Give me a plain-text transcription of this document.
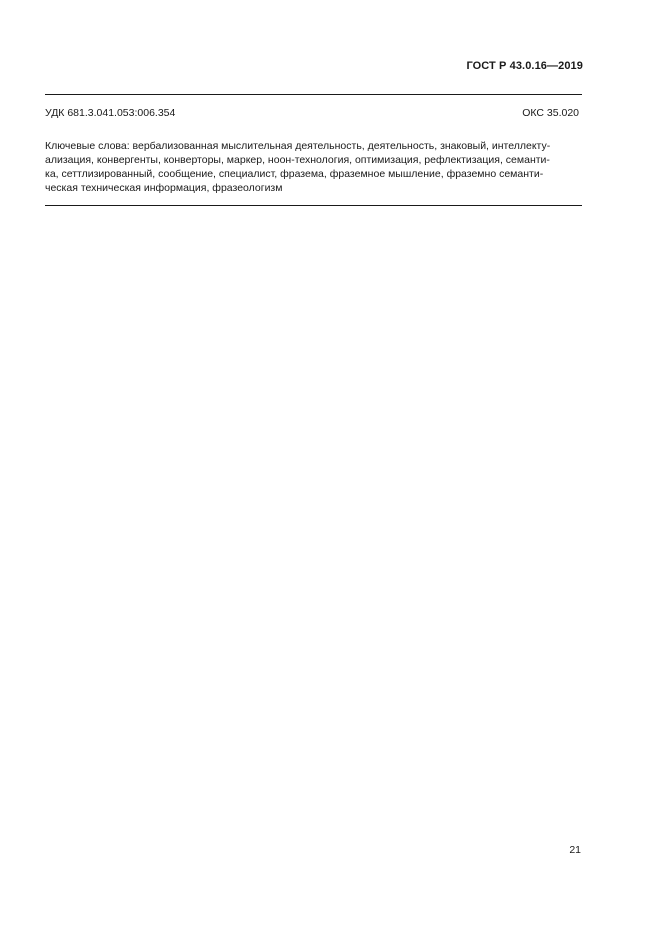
ГОСТ Р 43.0.16—2019
УДК 681.3.041.053:006.354	ОКС 35.020
Ключевые слова: вербализованная мыслительная деятельность, деятельность, знаковый, интеллекту-
ализация, конвергенты, конверторы, маркер, ноон-технология, оптимизация, рефлектизация, семанти-
ка, сеттлизированный, сообщение, специалист, фразема, фраземное мышление, фраземно семанти-
ческая техническая информация, фразеологизм
21
